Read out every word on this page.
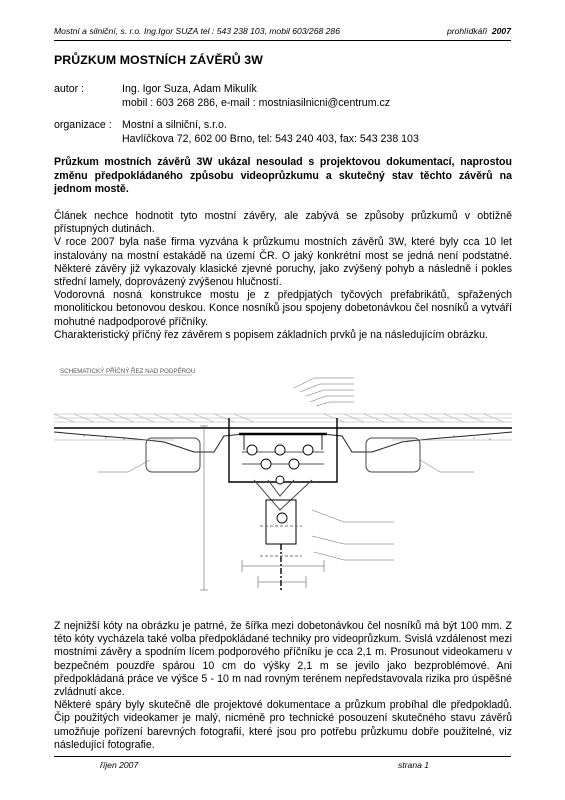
Mostní a silniční, s. r.o. Ing.Igor SUZA tel : 543 238 103, mobil 603/268 286	prohlídkáři 2007
PRŮZKUM MOSTNÍCH ZÁVĚRŮ 3W
autor :	Ing. Igor Suza, Adam Mikulík
mobil : 603 268 286, e-mail : mostniasilnicni@centrum.cz
organizace : Mostní a silniční, s.r.o.
Havlíčkova 72, 602 00 Brno, tel: 543 240 403, fax: 543 238 103
Průzkum mostních závěrů 3W ukázal nesoulad s projektovou dokumentací, naprostou změnu předpokládaného způsobu videoprůzkumu a skutečný stav těchto závěrů na jednom mostě.

Článek nechce hodnotit tyto mostní závěry, ale zabývá se způsoby průzkumů v obtížně přístupných dutinách.

V roce 2007 byla naše firma vyzvána k průzkumu mostních závěrů 3W, které byly cca 10 let instalovány na mostní estakádě na území ČR. O jaký konkrétní most se jedná není podstatné. Některé závěry již vykazovaly klasické zjevné poruchy, jako zvýšený pohyb a následně i pokles střední lamely, doprovázený zvýšenou hlučností.

Vodorovná nosná konstrukce mostu je z předpjatých tyčových prefabrikátů, spřažených monolitickou betonovou deskou. Konce nosníků jsou spojeny dobetonávkou čel nosníků a vytváří mohutné nadpodporové příčníky.

Charakteristický příčný řez závěrem s popisem základních prvků je na následujícím obrázku.

SCHEMATICKÝ PŘÍČNÝ ŘEZ NAD PODPĚROU

Z nejnižší kóty na obrázku je patrné, že šířka mezi dobetonávkou čel nosníků má být 100 mm. Z této kóty vycházela také volba předpokládané techniky pro videoprůzkum. Svislá vzdálenost mezi mostními závěry a spodním lícem podporového příčníku je cca 2,1 m. Prosunout videokameru v bezpečném pouzdře spárou 10 cm do výšky 2,1 m se jevilo jako bezproblémové. Ani předpokládaná práce ve výšce 5 - 10 m nad rovným terénem nepředstavovala rizika pro úspěšné zvládnutí akce.

Některé spáry byly skutečně dle projektové dokumentace a průzkum probíhal dle předpokladů. Čip použitých videokamer je malý, nicméně pro technické posouzení skutečného stavu závěrů umožňuje pořízení barevných fotografií, které jsou pro potřebu průzkumu dobře použitelné, viz následující fotografie.

říjen 2007	strana 1
